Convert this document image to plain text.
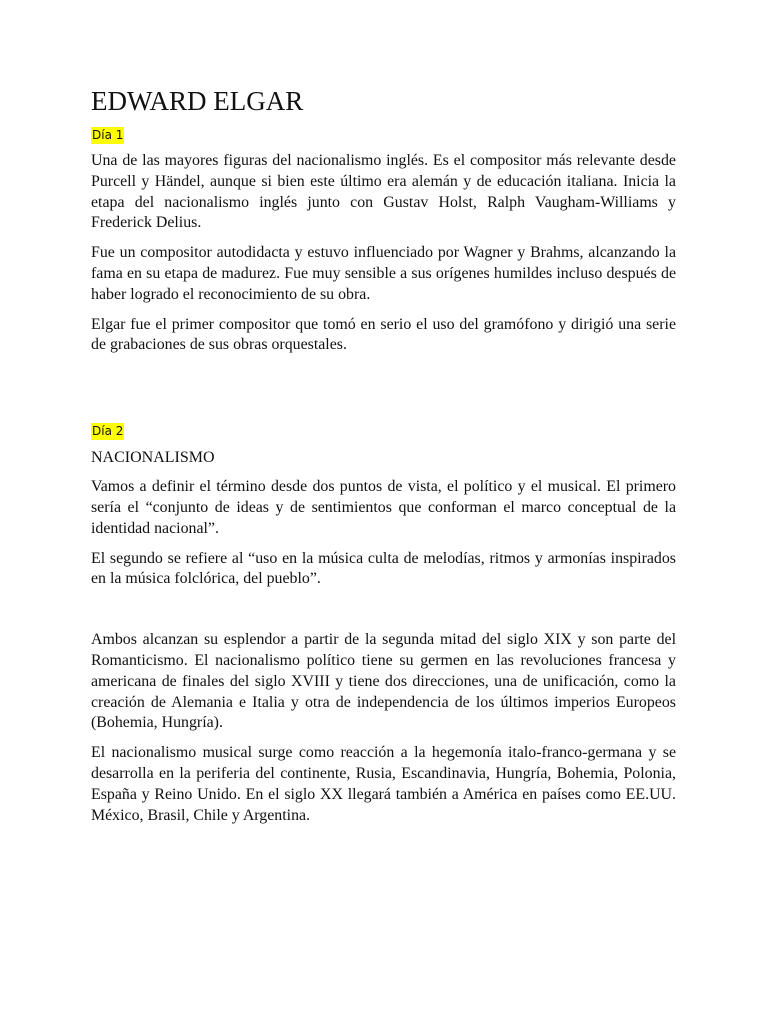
EDWARD ELGAR
Día 1

Una de las mayores figuras del nacionalismo inglés. Es el compositor más relevante desde Purcell y Händel, aunque si bien este último era alemán y de educación italiana. Inicia la etapa del nacionalismo inglés junto con Gustav Holst, Ralph Vaugham-Williams y Frederick Delius.

Fue un compositor autodidacta y estuvo influenciado por Wagner y Brahms, alcanzando la fama en su etapa de madurez. Fue muy sensible a sus orígenes humildes incluso después de haber logrado el reconocimiento de su obra.

Elgar fue el primer compositor que tomó en serio el uso del gramófono y dirigió una serie de grabaciones de sus obras orquestales.

Día 2
NACIONALISMO

Vamos a definir el término desde dos puntos de vista, el político y el musical. El primero sería el “conjunto de ideas y de sentimientos que conforman el marco conceptual de la identidad nacional”.

El segundo se refiere al “uso en la música culta de melodías, ritmos y armonías inspirados en la música folclórica, del pueblo”.

Ambos alcanzan su esplendor a partir de la segunda mitad del siglo XIX y son parte del Romanticismo. El nacionalismo político tiene su germen en las revoluciones francesa y americana de finales del siglo XVIII y tiene dos direcciones, una de unificación, como la creación de Alemania e Italia y otra de independencia de los últimos imperios Europeos (Bohemia, Hungría).

El nacionalismo musical surge como reacción a la hegemonía italo-franco-germana y se desarrolla en la periferia del continente, Rusia, Escandinavia, Hungría, Bohemia, Polonia, España y Reino Unido. En el siglo XX llegará también a América en países como EE.UU. México, Brasil, Chile y Argentina.
